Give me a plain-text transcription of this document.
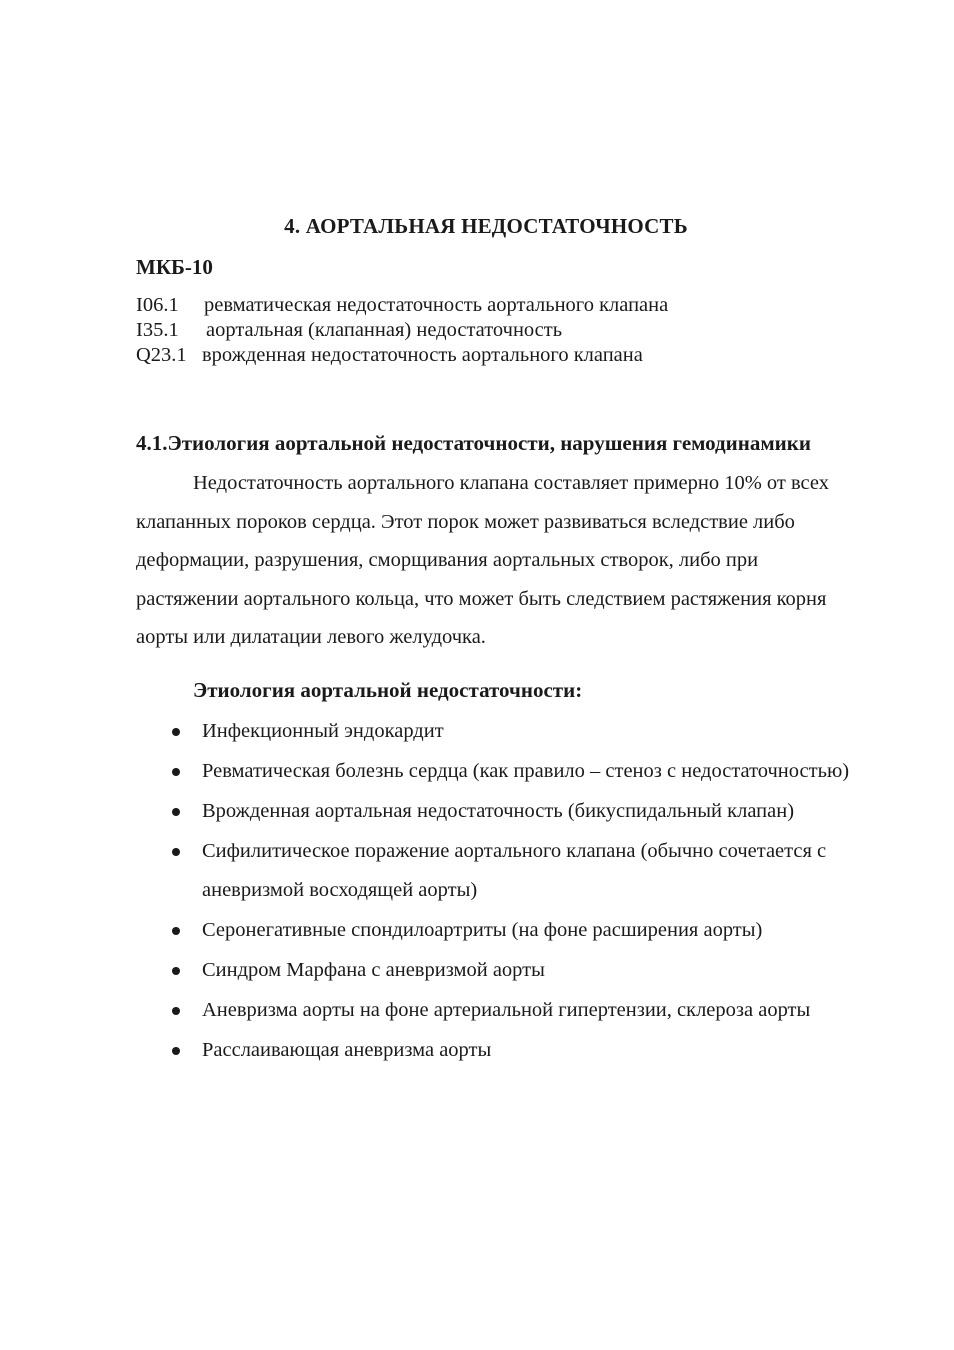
4. АОРТАЛЬНАЯ НЕДОСТАТОЧНОСТЬ
МКБ-10
I06.1 ревматическая недостаточность аортального клапана
I35.1 аортальная (клапанная) недостаточность
Q23.1 врожденная недостаточность аортального клапана
4.1.Этиология аортальной недостаточности, нарушения гемодинамики

Недостаточность аортального клапана составляет примерно 10% от всех клапанных пороков сердца. Этот порок может развиваться вследствие либо деформации, разрушения, сморщивания аортальных створок, либо при растяжении аортального кольца, что может быть следствием растяжения корня аорты или дилатации левого желудочка.

Этиология аортальной недостаточности:
Инфекционный эндокардит
Ревматическая болезнь сердца (как правило – стеноз с недостаточностью)
Врожденная аортальная недостаточность (бикуспидальный клапан)
Сифилитическое поражение аортального клапана (обычно сочетается с аневризмой восходящей аорты)
Серонегативные спондилоартриты (на фоне расширения аорты)
Синдром Марфана с аневризмой аорты
Аневризма аорты на фоне артериальной гипертензии, склероза аорты
Расслаивающая аневризма аорты
